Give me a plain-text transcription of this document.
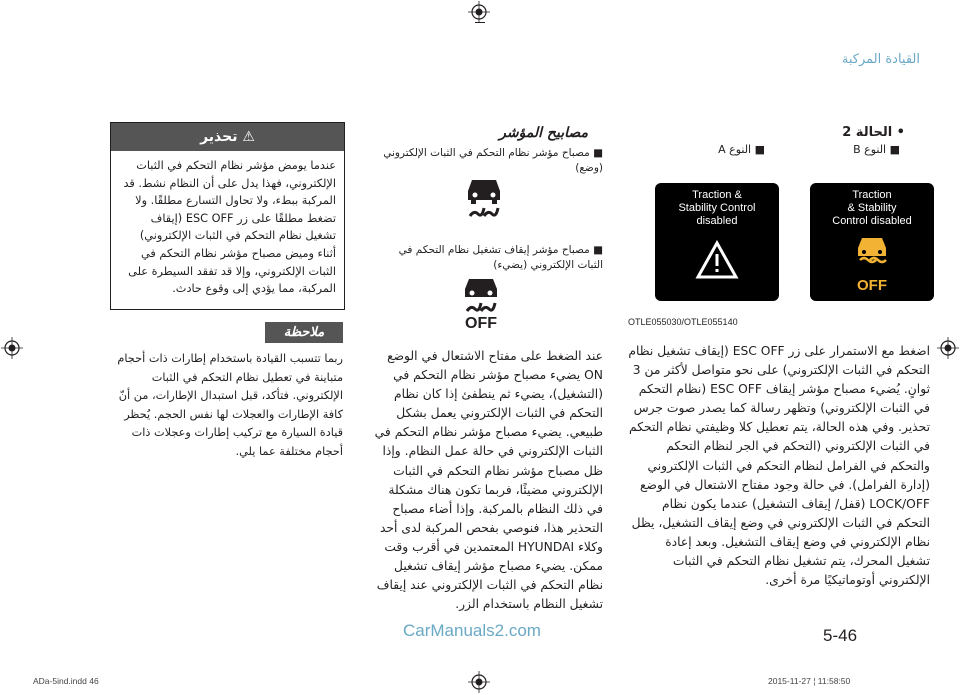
القيادة المركبة
• الحالة 2
■ النوع B
■ النوع A
Traction
& Stability
Control disabled
OFF
Traction &
Stability Control
disabled
OTLE055030/OTLE055140
اضغط مع الاستمرار على زر ESC OFF (إيقاف تشغيل نظام التحكم في الثبات الإلكتروني) على نحو متواصل لأكثر من 3 ثوانٍ. يُضيء مصباح مؤشر إيقاف ESC OFF (نظام التحكم في الثبات الإلكتروني) وتظهر رسالة كما يصدر صوت جرس تحذير. وفي هذه الحالة، يتم تعطيل كلا وظيفتي نظام التحكم في الثبات الإلكتروني (التحكم في الجر لنظام التحكم والتحكم في الفرامل لنظام التحكم في الثبات الإلكتروني (إدارة الفرامل). في حالة وجود مفتاح الاشتعال في الوضع LOCK/OFF (قفل/ إيقاف التشغيل) عندما يكون نظام التحكم في الثبات الإلكتروني في وضع إيقاف التشغيل، يظل نظام الإلكتروني في وضع إيقاف التشغيل. وبعد إعادة تشغيل المحرك، يتم تشغيل نظام التحكم في الثبات الإلكتروني أوتوماتيكيًا مرة أخرى.
5-46
مصابيح المؤشر
■ مصباح مؤشر نظام التحكم في الثبات الإلكتروني (وضع)
■ مصباح مؤشر إيقاف تشغيل نظام التحكم في الثبات الإلكتروني (يضيء)
OFF
عند الضغط على مفتاح الاشتعال في الوضع ON يضيء مصباح مؤشر نظام التحكم في (التشغيل)، يضيء ثم ينطفئ إذا كان نظام التحكم في الثبات الإلكتروني يعمل بشكل طبيعي. يضيء مصباح مؤشر نظام التحكم في الثبات الإلكتروني في حالة عمل النظام. وإذا ظل مصباح مؤشر نظام التحكم في الثبات الإلكتروني مضيئًا، فربما تكون هناك مشكلة في ذلك النظام بالمركبة. وإذا أضاء مصباح التحذير هذا، فنوصي بفحص المركبة لدى أحد وكلاء HYUNDAI المعتمدين في أقرب وقت ممكن. يضيء مصباح مؤشر إيقاف تشغيل نظام التحكم في الثبات الإلكتروني عند إيقاف تشغيل النظام باستخدام الزر.
⚠ تحذير
عندما يومض مؤشر نظام التحكم في الثبات الإلكتروني، فهذا يدل على أن النظام نشط. قد المركبة ببطء، ولا تحاول التسارع مطلقًا. ولا تضغط مطلقًا على زر ESC OFF (إيقاف تشغيل نظام التحكم في الثبات الإلكتروني) أثناء وميض مصباح مؤشر نظام التحكم في الثبات الإلكتروني، وإلا قد تفقد السيطرة على المركبة، مما يؤدي إلى وقوع حادث.
ملاحظة
ربما تتسبب القيادة باستخدام إطارات ذات أحجام متباينة في تعطيل نظام التحكم في الثبات الإلكتروني. فتأكد، قبل استبدال الإطارات، من أنّ كافة الإطارات والعجلات لها نفس الحجم. يُحظر قيادة السيارة مع تركيب إطارات وعجلات ذات أحجام مختلفة عما يلي.
CarManuals2.com
ADa-5ind.indd 46	2015-11-27 ¦ 11:58:50
